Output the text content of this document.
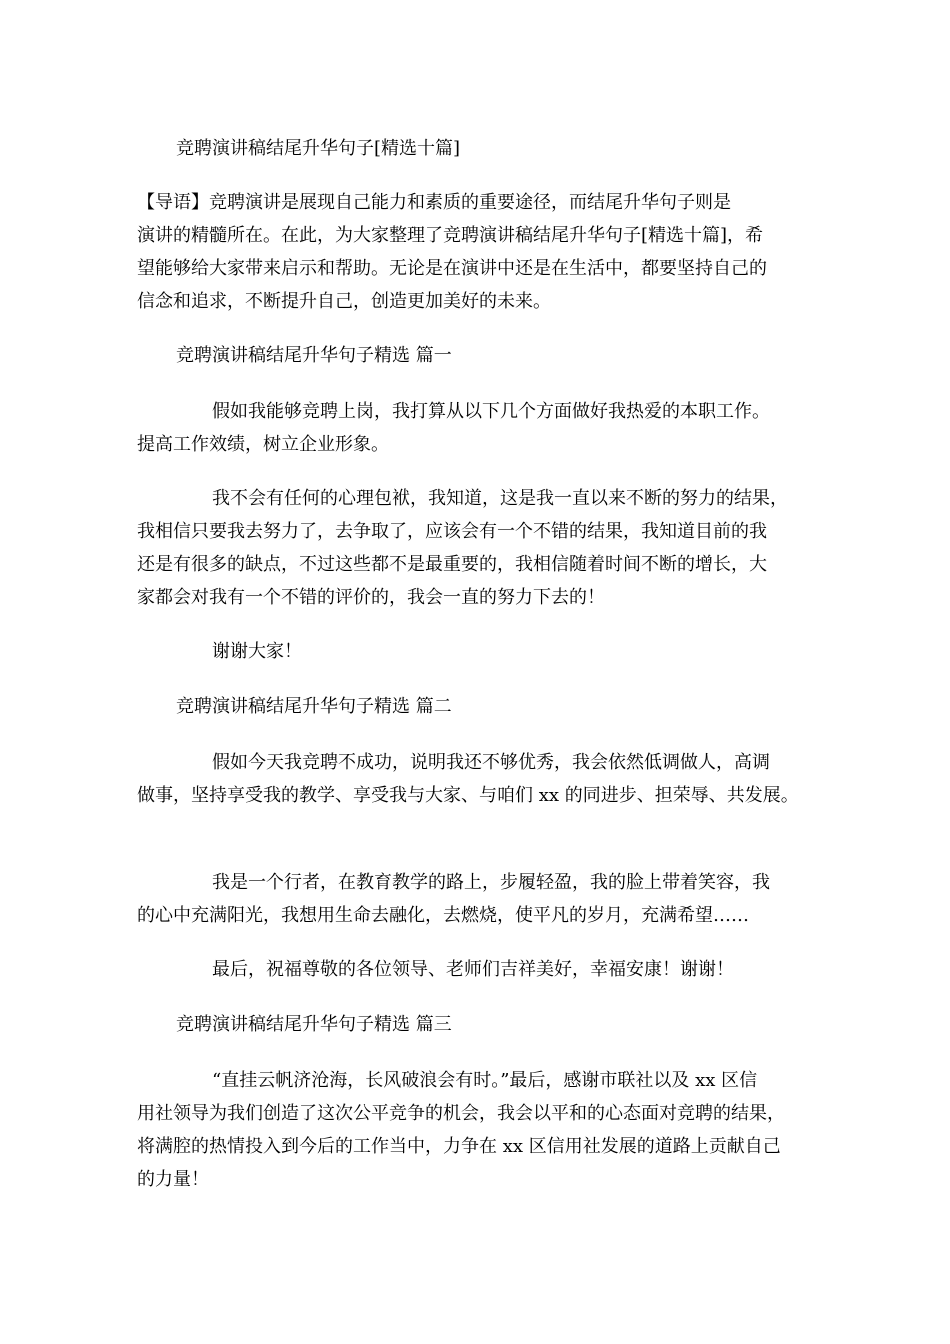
竞聘演讲稿结尾升华句子[精选十篇]

【导语】竞聘演讲是展现自己能力和素质的重要途径，而结尾升华句子则是

演讲的精髓所在。在此，为大家整理了竞聘演讲稿结尾升华句子[精选十篇]，希

望能够给大家带来启示和帮助。无论是在演讲中还是在生活中，都要坚持自己的

信念和追求，不断提升自己，创造更加美好的未来。

竞聘演讲稿结尾升华句子精选 篇一

假如我能够竞聘上岗，我打算从以下几个方面做好我热爱的本职工作。

提高工作效绩，树立企业形象。

我不会有任何的心理包袱，我知道，这是我一直以来不断的努力的结果，

我相信只要我去努力了，去争取了，应该会有一个不错的结果，我知道目前的我

还是有很多的缺点，不过这些都不是最重要的，我相信随着时间不断的增长，大

家都会对我有一个不错的评价的，我会一直的努力下去的！

谢谢大家！

竞聘演讲稿结尾升华句子精选 篇二

假如今天我竞聘不成功，说明我还不够优秀，我会依然低调做人，高调

做事，坚持享受我的教学、享受我与大家、与咱们 xx 的同进步、担荣辱、共发展。

我是一个行者，在教育教学的路上，步履轻盈，我的脸上带着笑容，我

的心中充满阳光，我想用生命去融化，去燃烧，使平凡的岁月，充满希望……

最后，祝福尊敬的各位领导、老师们吉祥美好，幸福安康！谢谢！

竞聘演讲稿结尾升华句子精选 篇三

“直挂云帆济沧海，长风破浪会有时。”最后，感谢市联社以及 xx 区信

用社领导为我们创造了这次公平竞争的机会，我会以平和的心态面对竞聘的结果，

将满腔的热情投入到今后的工作当中，力争在 xx 区信用社发展的道路上贡献自己

的力量！
